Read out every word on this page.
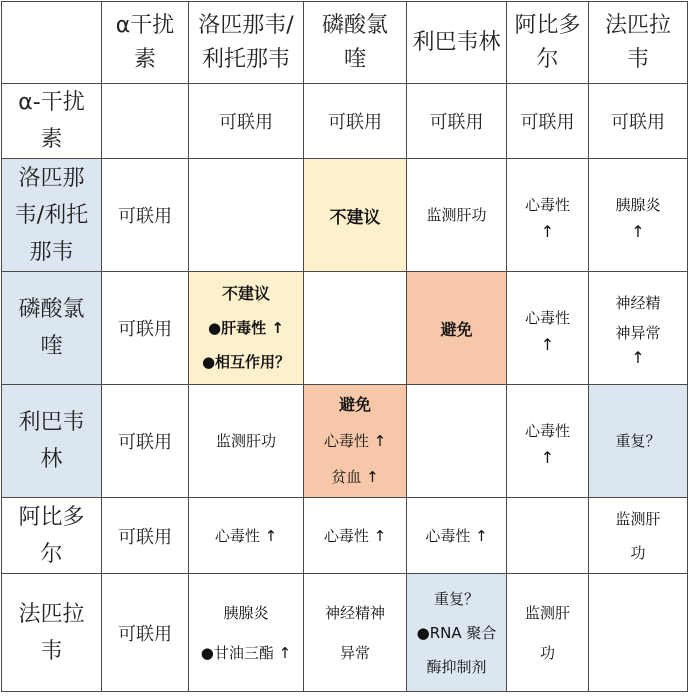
	α干扰
素	洛匹那韦/
利托那韦	磷酸氯
喹	利巴韦林	阿比多
尔	法匹拉
韦

α-干扰
素		可联用	可联用	可联用	可联用	可联用

洛匹那
韦/利托
那韦	可联用		不建议	监测肝功	心毒性
↑	胰腺炎
↑

磷酸氯
喹	可联用	不建议
●肝毒性 ↑
●相互作用？		避免	心毒性
↑	神经精
神异常
↑

利巴韦
林	可联用	监测肝功	避免
心毒性 ↑
贫血 ↑		心毒性
↑	重复？

阿比多
尔	可联用	心毒性 ↑	心毒性 ↑	心毒性 ↑		监测肝
功

法匹拉
韦	可联用	胰腺炎
●甘油三酯 ↑	神经精神
异常	重复？
●RNA 聚合
酶抑制剂	监测肝
功	
